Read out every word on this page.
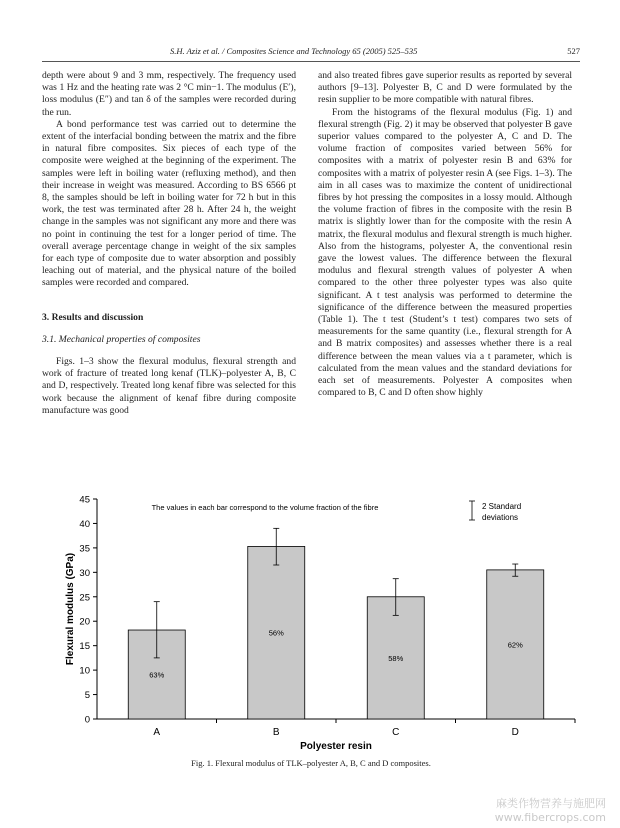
S.H. Aziz et al. / Composites Science and Technology 65 (2005) 525–535	527

depth were about 9 and 3 mm, respectively. The frequency used was 1 Hz and the heating rate was 2 °C min−1. The modulus (E′), loss modulus (E″) and tan δ of the samples were recorded during the run.

A bond performance test was carried out to determine the extent of the interfacial bonding between the matrix and the fibre in natural fibre composites. Six pieces of each type of the composite were weighed at the beginning of the experiment. The samples were left in boiling water (refluxing method), and then their increase in weight was measured. According to BS 6566 pt 8, the samples should be left in boiling water for 72 h but in this work, the test was terminated after 28 h. After 24 h, the weight change in the samples was not significant any more and there was no point in continuing the test for a longer period of time. The overall average percentage change in weight of the six samples for each type of composite due to water absorption and possibly leaching out of material, and the physical nature of the boiled samples were recorded and compared.

3. Results and discussion

3.1. Mechanical properties of composites

Figs. 1–3 show the flexural modulus, flexural strength and work of fracture of treated long kenaf (TLK)–polyester A, B, C and D, respectively. Treated long kenaf fibre was selected for this work because the alignment of kenaf fibre during composite manufacture was good

and also treated fibres gave superior results as reported by several authors [9–13]. Polyester B, C and D were formulated by the resin supplier to be more compatible with natural fibres.

From the histograms of the flexural modulus (Fig. 1) and flexural strength (Fig. 2) it may be observed that polyester B gave superior values compared to the polyester A, C and D. The volume fraction of composites varied between 56% for composites with a matrix of polyester resin B and 63% for composites with a matrix of polyester resin A (see Figs. 1–3). The aim in all cases was to maximize the content of unidirectional fibres by hot pressing the composites in a lossy mould. Although the volume fraction of fibres in the composite with the resin B matrix is slightly lower than for the composite with the resin A matrix, the flexural modulus and flexural strength is much higher. Also from the histograms, polyester A, the conventional resin gave the lowest values. The difference between the flexural modulus and flexural strength values of polyester A when compared to the other three polyester types was also quite significant. A t test analysis was performed to determine the significance of the difference between the measured properties (Table 1). The t test (Student’s t test) compares two sets of measurements for the same quantity (i.e., flexural strength for A and B matrix composites) and assesses whether there is a real difference between the mean values via a t parameter, which is calculated from the mean values and the standard deviations for each set of measurements. Polyester A composites when compared to B, C and D often show highly

0
5
10
15
20
25
30
35
40
45
63%
A
56%
B
58%
C
62%
D
Polyester resin
Flexural modulus (GPa)
The values in each bar correspond to the volume fraction of the fibre	2 Standard
deviations
Fig. 1. Flexural modulus of TLK–polyester A, B, C and D composites.
麻类作物营养与施肥网
www.fibercrops.com
